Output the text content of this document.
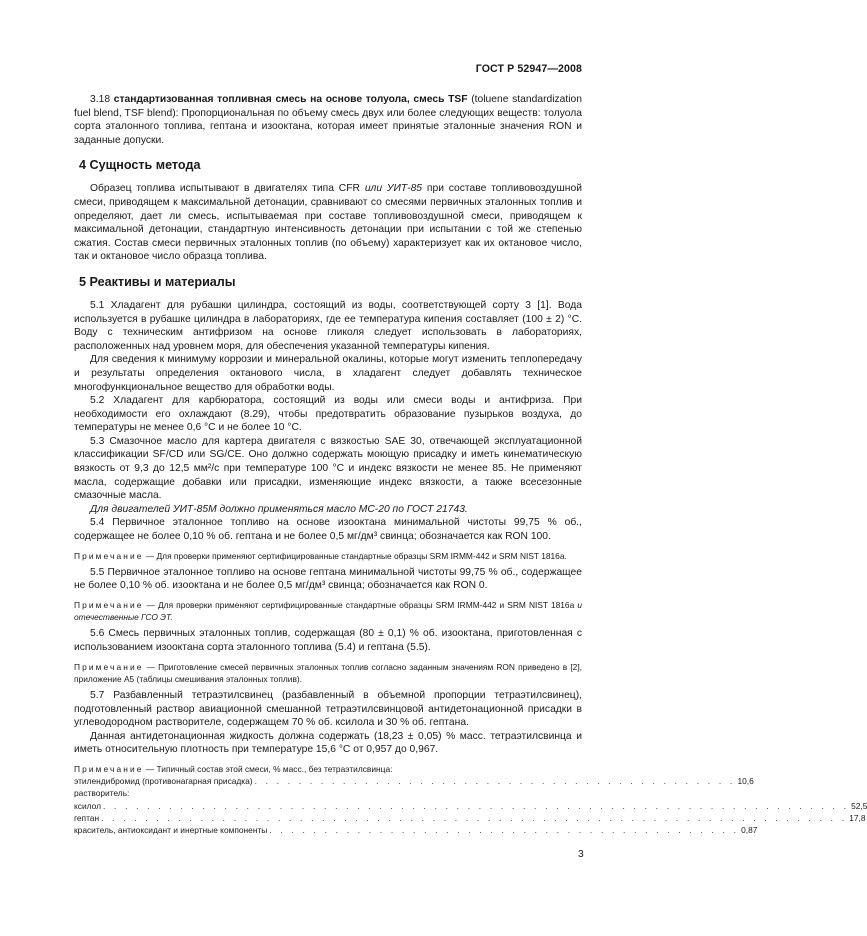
ГОСТ Р 52947—2008

3.18 стандартизованная топливная смесь на основе толуола, смесь TSF (toluene standardization fuel blend, TSF blend): Пропорциональная по объему смесь двух или более следующих веществ: толуола сорта эталонного топлива, гептана и изооктана, которая имеет принятые эталонные значения RON и заданные допуски.

4 Сущность метода

Образец топлива испытывают в двигателях типа CFR или УИТ-85 при составе топливовоздушной смеси, приводящем к максимальной детонации, сравнивают со смесями первичных эталонных топлив и определяют, дает ли смесь, испытываемая при составе топливовоздушной смеси, приводящем к максимальной детонации, стандартную интенсивность детонации при испытании с той же степенью сжатия. Состав смеси первичных эталонных топлив (по объему) характеризует как их октановое число, так и октановое число образца топлива.

5 Реактивы и материалы

5.1 Хладагент для рубашки цилиндра, состоящий из воды, соответствующей сорту 3 [1]. Вода используется в рубашке цилиндра в лабораториях, где ее температура кипения составляет (100 ± 2) °С. Воду с техническим антифризом на основе гликоля следует использовать в лабораториях, расположенных над уровнем моря, для обеспечения указанной температуры кипения.

Для сведения к минимуму коррозии и минеральной окалины, которые могут изменить теплопередачу и результаты определения октанового числа, в хладагент следует добавлять техническое многофункциональное вещество для обработки воды.

5.2 Хладагент для карбюратора, состоящий из воды или смеси воды и антифриза. При необходимости его охлаждают (8.29), чтобы предотвратить образование пузырьков воздуха, до температуры не менее 0,6 °С и не более 10 °С.

5.3 Смазочное масло для картера двигателя с вязкостью SAE 30, отвечающей эксплуатационной классификации SF/CD или SG/CE. Оно должно содержать моющую присадку и иметь кинематическую вязкость от 9,3 до 12,5 мм²/с при температуре 100 °С и индекс вязкости не менее 85. Не применяют масла, содержащие добавки или присадки, изменяющие индекс вязкости, а также всесезонные смазочные масла.

Для двигателей УИТ-85М должно применяться масло МС-20 по ГОСТ 21743.

5.4 Первичное эталонное топливо на основе изооктана минимальной чистоты 99,75 % об., содержащее не более 0,10 % об. гептана и не более 0,5 мг/дм³ свинца; обозначается как RON 100.

Примечание — Для проверки применяют сертифицированные стандартные образцы SRM IRMM-442 и SRM NIST 1816a.

5.5 Первичное эталонное топливо на основе гептана минимальной чистоты 99,75 % об., содержащее не более 0,10 % об. изооктана и не более 0,5 мг/дм³ свинца; обозначается как RON 0.

Примечание — Для проверки применяют сертифицированные стандартные образцы SRM IRMM-442 и SRM NIST 1816a и отечественные ГСО ЭТ.

5.6 Смесь первичных эталонных топлив, содержащая (80 ± 0,1) % об. изооктана, приготовленная с использованием изооктана сорта эталонного топлива (5.4) и гептана (5.5).

Примечание — Приготовление смесей первичных эталонных топлив согласно заданным значениям RON приведено в [2], приложение А5 (таблицы смешивания эталонных топлив).

5.7 Разбавленный тетраэтилсвинец (разбавленный в объемной пропорции тетраэтилсвинец), подготовленный раствор авиационной смешанной тетраэтилсвинцовой антидетонационной присадки в углеводородном растворителе, содержащем 70 % об. ксилола и 30 % об. гептана.

Данная антидетонационная жидкость должна содержать (18,23 ± 0,05) % масс. тетраэтилсвинца и иметь относительную плотность при температуре 15,6 °С от 0,957 до 0,967.

Примечание — Типичный состав этой смеси, % масс., без тетраэтилсвинца:

этилендибромид (противонагарная присадка) . . . . . . . . . . . . . . . . . . . . . . . . . . . . . . . . . . . . . . . . . . . . 10,6
растворитель:
ксилол . . . . . . . . . . . . . . . . . . . . . . . . . . . . . . . . . . . . . . . . . . . . . . . . . . . . . . . . . . . . . . . . . . . . 52,5
гептан . . . . . . . . . . . . . . . . . . . . . . . . . . . . . . . . . . . . . . . . . . . . . . . . . . . . . . . . . . . . . . . . . . . . 17,8
краситель, антиоксидант и инертные компоненты . . . . . . . . . . . . . . . . . . . . . . . . . . . . . . . . . . . . . . . . . . . 0,87
3
